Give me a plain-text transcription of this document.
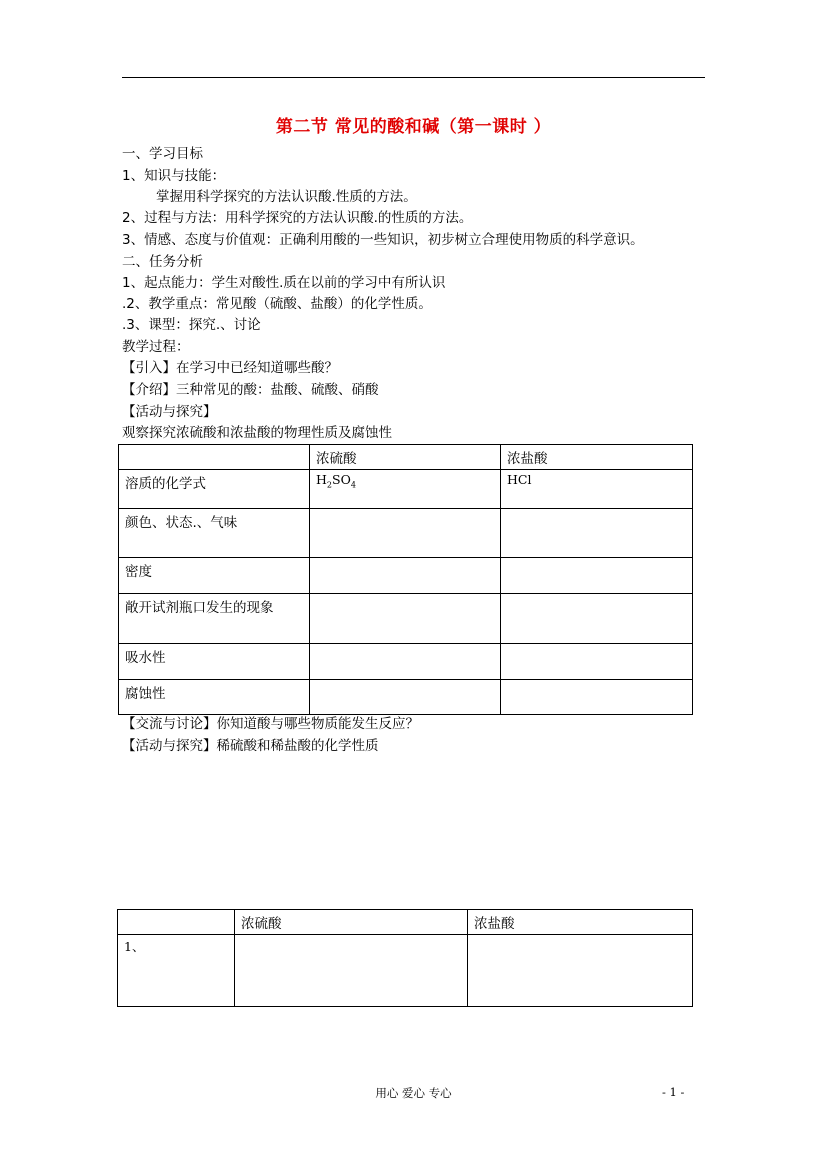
第二节 常见的酸和碱（第一课时 ）
一、学习目标
1、知识与技能：
掌握用科学探究的方法认识酸.性质的方法。
2、过程与方法：用科学探究的方法认识酸.的性质的方法。
3、情感、态度与价值观：正确利用酸的一些知识，初步树立合理使用物质的科学意识。
二、任务分析
1、起点能力：学生对酸性.质在以前的学习中有所认识
.2、教学重点：常见酸（硫酸、盐酸）的化学性质。
.3、课型：探究.、讨论
教学过程：
【引入】在学习中已经知道哪些酸？
【介绍】三种常见的酸：盐酸、硫酸、硝酸
【活动与探究】
观察探究浓硫酸和浓盐酸的物理性质及腐蚀性
	浓硫酸	浓盐酸
溶质的化学式	$H_2SO_4$	HCl
颜色、状态.、气味		
密度		
敞开试剂瓶口发生的现象		
吸水性		
腐蚀性		
【交流与讨论】你知道酸与哪些物质能发生反应？
【活动与探究】稀硫酸和稀盐酸的化学性质
	浓硫酸	浓盐酸
1、		
用心 爱心 专心	- 1 -
